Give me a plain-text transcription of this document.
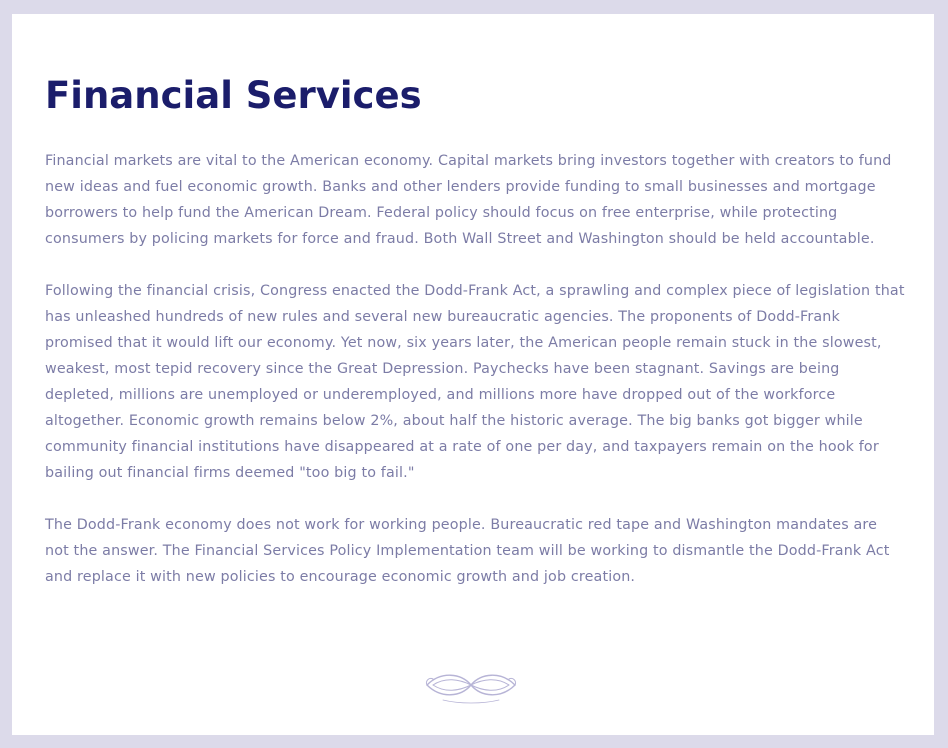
Financial Services

Financial markets are vital to the American economy. Capital markets bring investors together with creators to fund new ideas and fuel economic growth. Banks and other lenders provide funding to small businesses and mortgage borrowers to help fund the American Dream. Federal policy should focus on free enterprise, while protecting consumers by policing markets for force and fraud. Both Wall Street and Washington should be held accountable.

Following the financial crisis, Congress enacted the Dodd-Frank Act, a sprawling and complex piece of legislation that has unleashed hundreds of new rules and several new bureaucratic agencies. The proponents of Dodd-Frank promised that it would lift our economy. Yet now, six years later, the American people remain stuck in the slowest, weakest, most tepid recovery since the Great Depression. Paychecks have been stagnant. Savings are being depleted, millions are unemployed or underemployed, and millions more have dropped out of the workforce altogether. Economic growth remains below 2%, about half the historic average. The big banks got bigger while community financial institutions have disappeared at a rate of one per day, and taxpayers remain on the hook for bailing out financial firms deemed "too big to fail."

The Dodd-Frank economy does not work for working people. Bureaucratic red tape and Washington mandates are not the answer. The Financial Services Policy Implementation team will be working to dismantle the Dodd-Frank Act and replace it with new policies to encourage economic growth and job creation.
